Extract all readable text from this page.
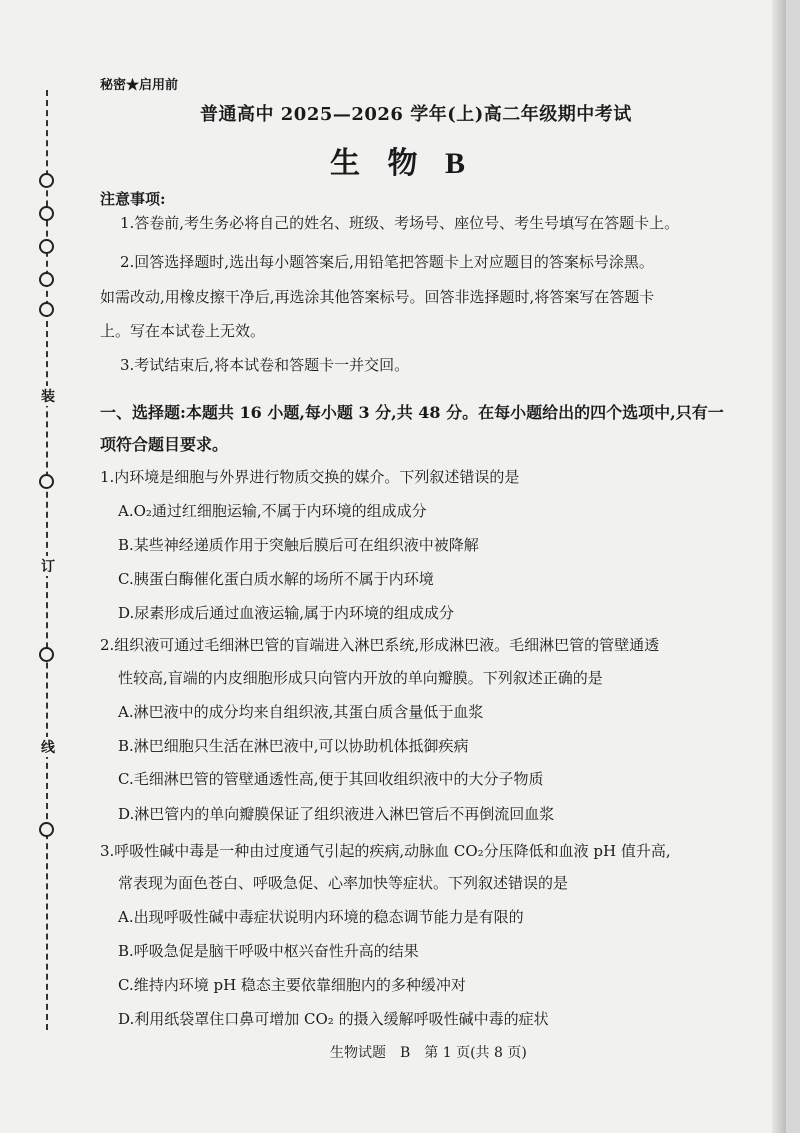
装
订
线
秘密★启用前
普通高中 2025—2026 学年(上)高二年级期中考试
生 物 B
注意事项:
1.答卷前,考生务必将自己的姓名、班级、考场号、座位号、考生号填写在答题卡上。
2.回答选择题时,选出每小题答案后,用铅笔把答题卡上对应题目的答案标号涂黑。
如需改动,用橡皮擦干净后,再选涂其他答案标号。回答非选择题时,将答案写在答题卡
上。写在本试卷上无效。
3.考试结束后,将本试卷和答题卡一并交回。
一、选择题:本题共 16 小题,每小题 3 分,共 48 分。在每小题给出的四个选项中,只有一
项符合题目要求。
1.内环境是细胞与外界进行物质交换的媒介。下列叙述错误的是
A.O₂通过红细胞运输,不属于内环境的组成成分
B.某些神经递质作用于突触后膜后可在组织液中被降解
C.胰蛋白酶催化蛋白质水解的场所不属于内环境
D.尿素形成后通过血液运输,属于内环境的组成成分
2.组织液可通过毛细淋巴管的盲端进入淋巴系统,形成淋巴液。毛细淋巴管的管壁通透
性较高,盲端的内皮细胞形成只向管内开放的单向瓣膜。下列叙述正确的是
A.淋巴液中的成分均来自组织液,其蛋白质含量低于血浆
B.淋巴细胞只生活在淋巴液中,可以协助机体抵御疾病
C.毛细淋巴管的管壁通透性高,便于其回收组织液中的大分子物质
D.淋巴管内的单向瓣膜保证了组织液进入淋巴管后不再倒流回血浆
3.呼吸性碱中毒是一种由过度通气引起的疾病,动脉血 CO₂分压降低和血液 pH 值升高,
常表现为面色苍白、呼吸急促、心率加快等症状。下列叙述错误的是
A.出现呼吸性碱中毒症状说明内环境的稳态调节能力是有限的
B.呼吸急促是脑干呼吸中枢兴奋性升高的结果
C.维持内环境 pH 稳态主要依靠细胞内的多种缓冲对
D.利用纸袋罩住口鼻可增加 CO₂ 的摄入缓解呼吸性碱中毒的症状
生物试题　B　第 1 页(共 8 页)
